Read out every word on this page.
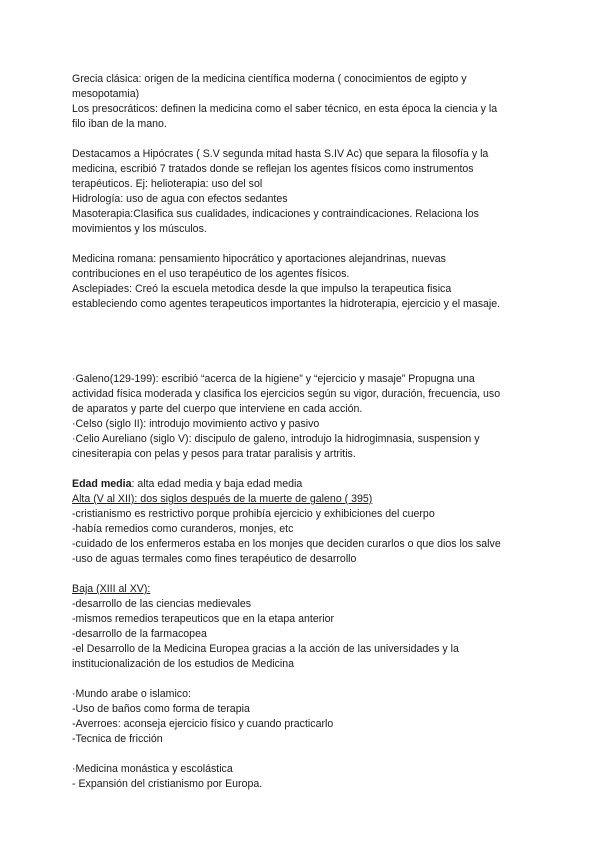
Grecia clásica: origen de la medicina científica moderna ( conocimientos de egipto y
mesopotamia)
Los presocráticos: definen la medicina como el saber técnico, en esta época la ciencia y la
filo iban de la mano.
Destacamos a Hipócrates ( S.V segunda mitad hasta S.IV Ac) que separa la filosofía y la
medicina, escribió 7 tratados donde se reflejan los agentes físicos como instrumentos
terapéuticos. Ej: helioterapia: uso del sol
Hidrología: uso de agua con efectos sedantes
Masoterapia:Clasifica sus cualidades, indicaciones y contraindicaciones. Relaciona los
movimientos y los músculos.
Medicina romana: pensamiento hipocrático y aportaciones alejandrinas, nuevas
contribuciones en el uso terapéutico de los agentes físicos.
Asclepiades: Creó la escuela metodica desde la que impulso la terapeutica fisica
estableciendo como agentes terapeuticos importantes la hidroterapia, ejercicio y el masaje.
·Galeno(129-199): escribió “acerca de la higiene” y “ejercicio y masaje” Propugna una
actividad física moderada y clasifica los ejercicios según su vigor, duración, frecuencia, uso
de aparatos y parte del cuerpo que interviene en cada acción.
·Celso (siglo II): introdujo movimiento activo y pasivo
·Celio Aureliano (siglo V): discipulo de galeno, introdujo la hidrogimnasia, suspension y
cinesiterapia con pelas y pesos para tratar paralisis y artritis.
Edad media: alta edad media y baja edad media
Alta (V al XII): dos siglos después de la muerte de galeno ( 395)
-cristianismo es restrictivo porque prohibía ejercicio y exhibiciones del cuerpo
-había remedios como curanderos, monjes, etc
-cuidado de los enfermeros estaba en los monjes que deciden curarlos o que dios los salve
-uso de aguas termales como fines terapéutico de desarrollo
Baja (XIII al XV):
-desarrollo de las ciencias medievales
-mismos remedios terapeuticos que en la etapa anterior
-desarrollo de la farmacopea
-el Desarrollo de la Medicina Europea gracias a la acción de las universidades y la
institucionalización de los estudios de Medicina
·Mundo arabe o islamico:
-Uso de baños como forma de terapia
-Averroes: aconseja ejercicio físico y cuando practicarlo
-Tecnica de fricción
·Medicina monástica y escolástica
- Expansión del cristianismo por Europa.
